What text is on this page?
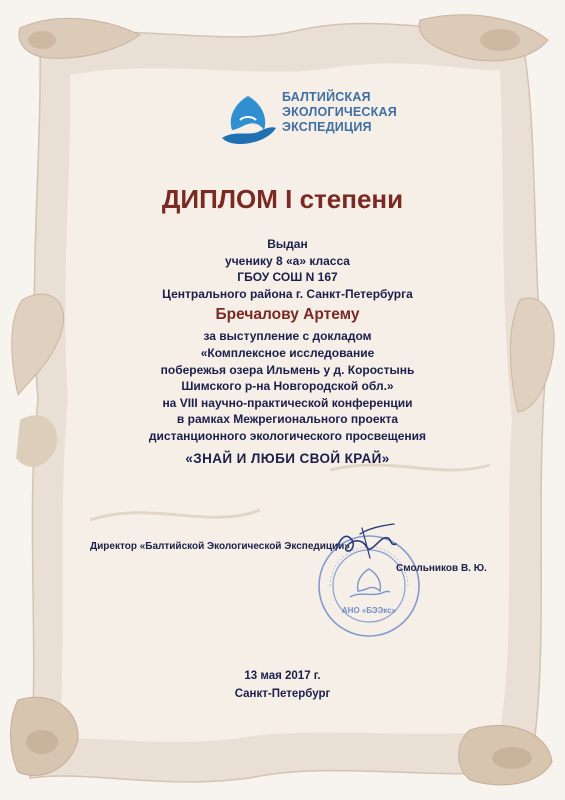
БАЛТИЙСКАЯ
ЭКОЛОГИЧЕСКАЯ
ЭКСПЕДИЦИЯ
ДИПЛОМ I степени
Выдан
ученику 8 «а» класса
ГБОУ СОШ N 167
Центрального района г. Санкт-Петербурга
Бречалову Артему
за выступление с докладом
«Комплексное исследование
побережья озера Ильмень у д. Коростынь
Шимского р-на Новгородской обл.»
на VIII научно-практической конференции
в рамках Межрегионального проекта
дистанционного экологического просвещения
«ЗНАЙ И ЛЮБИ СВОЙ КРАЙ»
Директор «Балтийской Экологической Экспедиции»
АНО «БЭЭкс»
Смольников В. Ю.
13 мая 2017 г.
Санкт-Петербург
